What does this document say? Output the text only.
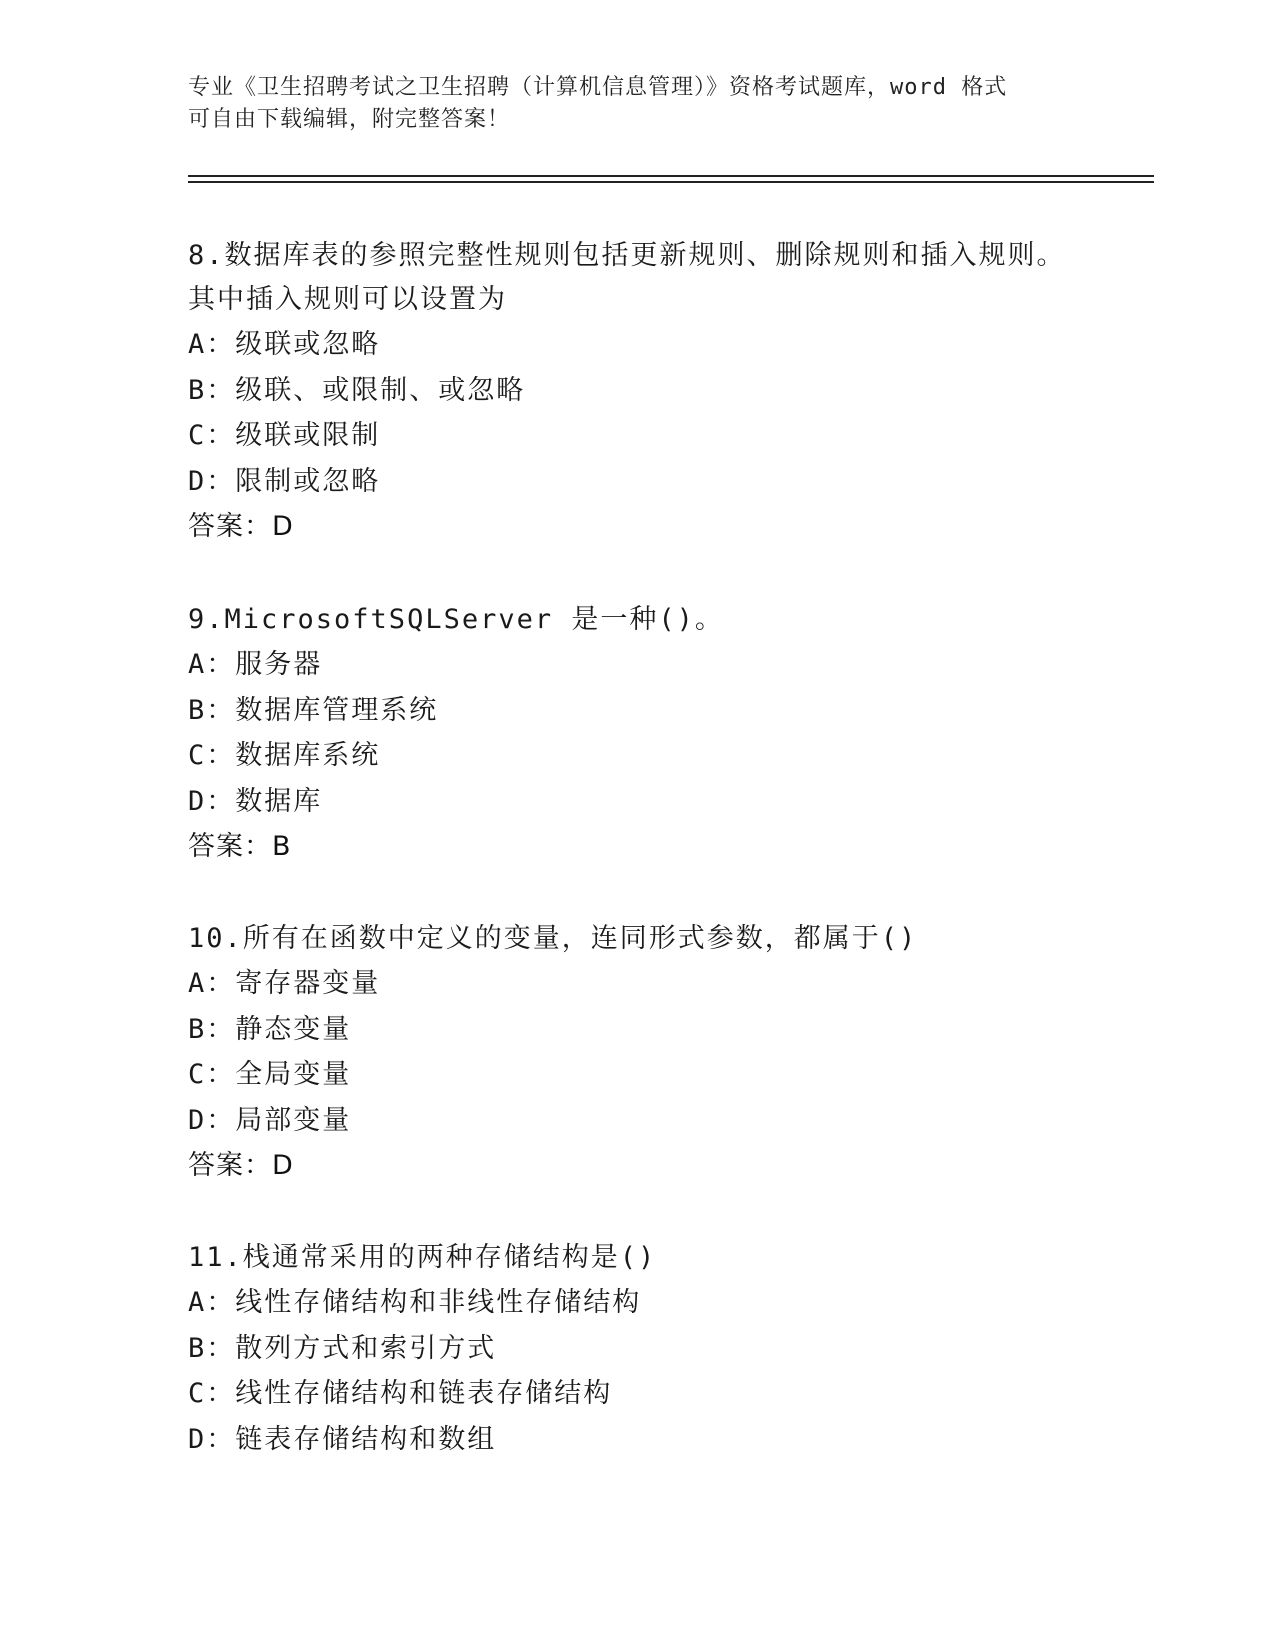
专业《卫生招聘考试之卫生招聘（计算机信息管理）》资格考试题库，word 格式

可自由下载编辑，附完整答案！

8.数据库表的参照完整性规则包括更新规则、删除规则和插入规则。

其中插入规则可以设置为

A：级联或忽略

B：级联、或限制、或忽略

C：级联或限制

D：限制或忽略

答案：D

9.MicrosoftSQLServer 是一种()。

A：服务器

B：数据库管理系统

C：数据库系统

D：数据库

答案：B

10.所有在函数中定义的变量，连同形式参数，都属于()

A：寄存器变量

B：静态变量

C：全局变量

D：局部变量

答案：D

11.栈通常采用的两种存储结构是()

A：线性存储结构和非线性存储结构

B：散列方式和索引方式

C：线性存储结构和链表存储结构

D：链表存储结构和数组
